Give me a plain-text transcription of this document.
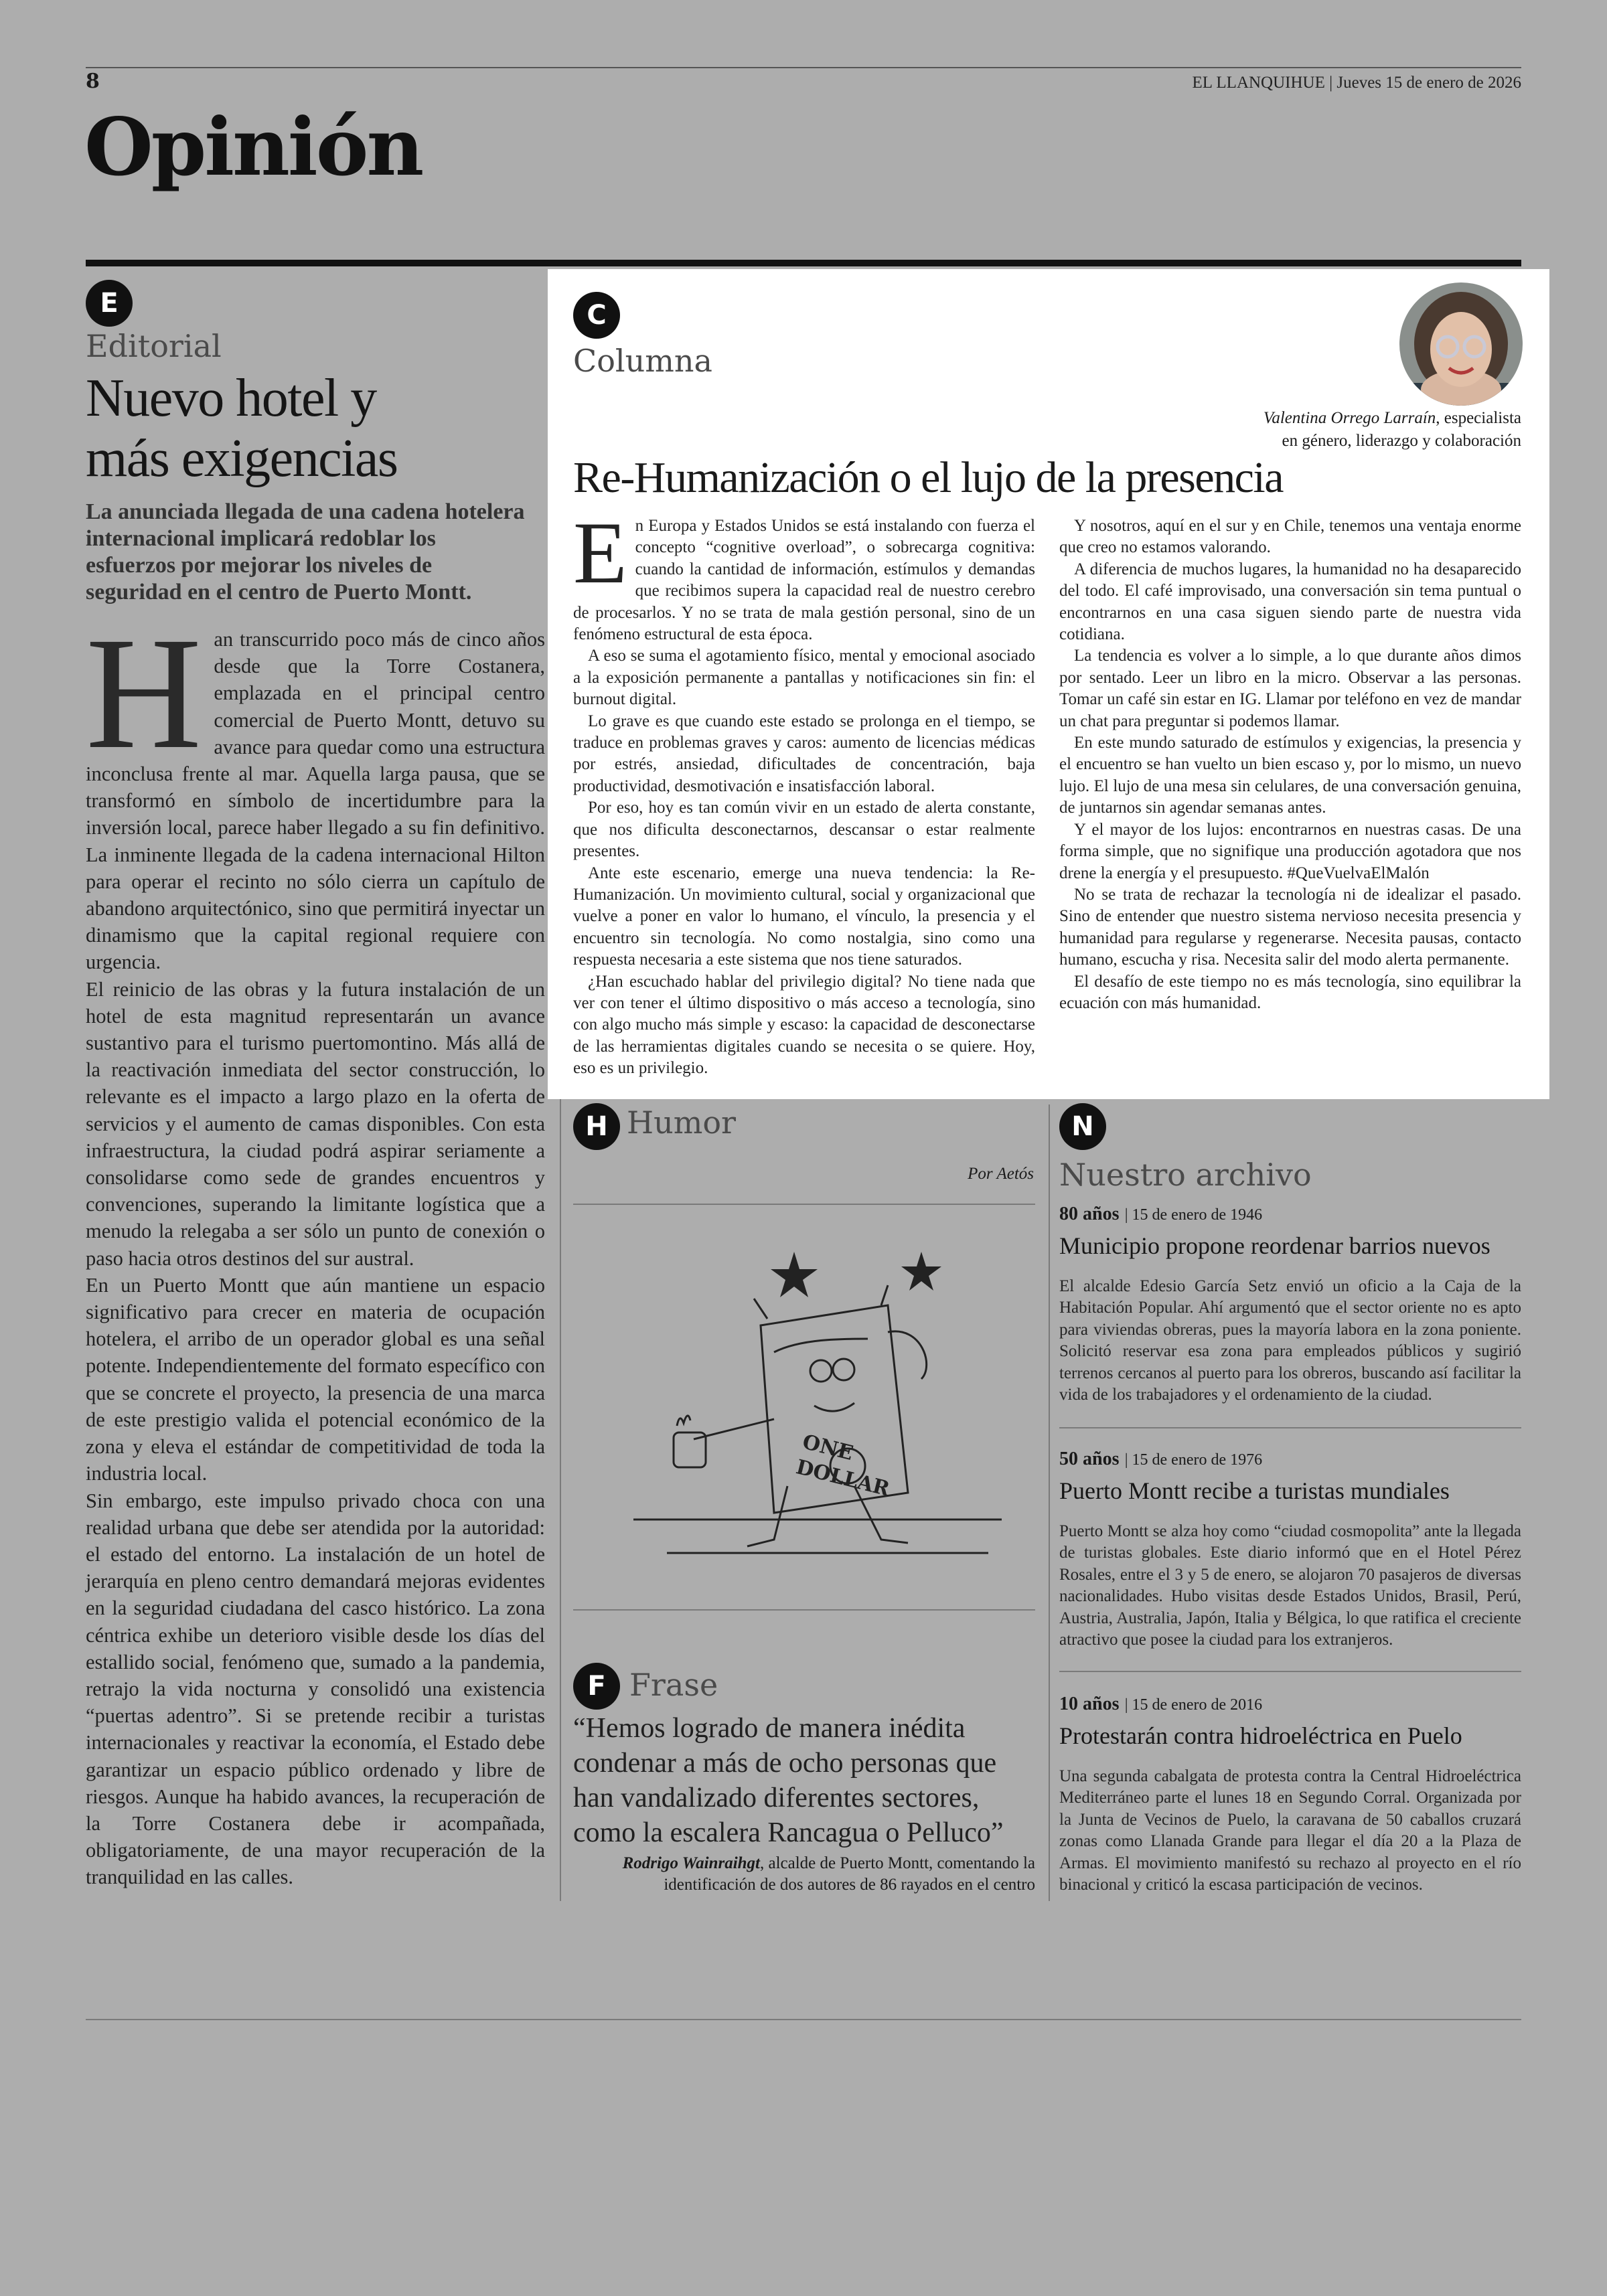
8	EL LLANQUIHUE | Jueves 15 de enero de 2026
Opinión
E
Editorial
Nuevo hotel y
más exigencias
La anunciada llegada de una cadena hotelera internacional implicará redoblar los esfuerzos por mejorar los niveles de seguridad en el centro de Puerto Montt.
H an transcurrido poco más de cinco años desde que la Torre Costanera, emplazada en el principal centro comercial de Puerto Montt, detuvo su avance para quedar como una estructura inconclusa frente al mar. Aquella larga pausa, que se transformó en símbolo de incertidumbre para la inversión local, parece haber llegado a su fin definitivo. La inminente llegada de la cadena internacional Hilton para operar el recinto no sólo cierra un capítulo de abandono arquitectónico, sino que permitirá inyectar un dinamismo que la capital regional requiere con urgencia.

El reinicio de las obras y la futura instalación de un hotel de esta magnitud representarán un avance sustantivo para el turismo puertomontino. Más allá de la reactivación inmediata del sector construcción, lo relevante es el impacto a largo plazo en la oferta de servicios y el aumento de camas disponibles. Con esta infraestructura, la ciudad podrá aspirar seriamente a consolidarse como sede de grandes encuentros y convenciones, superando la limitante logística que a menudo la relegaba a ser sólo un punto de conexión o paso hacia otros destinos del sur austral.

En un Puerto Montt que aún mantiene un espacio significativo para crecer en materia de ocupación hotelera, el arribo de un operador global es una señal potente. Independientemente del formato específico con que se concrete el proyecto, la presencia de una marca de este prestigio valida el potencial económico de la zona y eleva el estándar de competitividad de toda la industria local.

Sin embargo, este impulso privado choca con una realidad urbana que debe ser atendida por la autoridad: el estado del entorno. La instalación de un hotel de jerarquía en pleno centro demandará mejoras evidentes en la seguridad ciudadana del casco histórico. La zona céntrica exhibe un deterioro visible desde los días del estallido social, fenómeno que, sumado a la pandemia, retrajo la vida nocturna y consolidó una existencia “puertas adentro”. Si se pretende recibir a turistas internacionales y reactivar la economía, el Estado debe garantizar un espacio público ordenado y libre de riesgos. Aunque ha habido avances, la recuperación de la Torre Costanera debe ir acompañada, obligatoriamente, de una mayor recuperación de la tranquilidad en las calles.

C
Columna
Valentina Orrego Larraín, especialista
en género, liderazgo y colaboración
Re-Humanización o el lujo de la presencia
E n Europa y Estados Unidos se está instalando con fuerza el concepto “cognitive overload”, o sobrecarga cognitiva: cuando la cantidad de información, estímulos y demandas que recibimos supera la capacidad real de nuestro cerebro de procesarlos. Y no se trata de mala gestión personal, sino de un fenómeno estructural de esta época.

A eso se suma el agotamiento físico, mental y emocional asociado a la exposición permanente a pantallas y notificaciones sin fin: el burnout digital.

Lo grave es que cuando este estado se prolonga en el tiempo, se traduce en problemas graves y caros: aumento de licencias médicas por estrés, ansiedad, dificultades de concentración, baja productividad, desmotivación e insatisfacción laboral.

Por eso, hoy es tan común vivir en un estado de alerta constante, que nos dificulta desconectarnos, descansar o estar realmente presentes.

Ante este escenario, emerge una nueva tendencia: la Re-Humanización. Un movimiento cultural, social y organizacional que vuelve a poner en valor lo humano, el vínculo, la presencia y el encuentro sin tecnología. No como nostalgia, sino como una respuesta necesaria a este sistema que nos tiene saturados.

¿Han escuchado hablar del privilegio digital? No tiene nada que ver con tener el último dispositivo o más acceso a tecnología, sino con algo mucho más simple y escaso: la capacidad de desconectarse de las herramientas digitales cuando se necesita o se quiere. Hoy, eso es un privilegio.

Y nosotros, aquí en el sur y en Chile, tenemos una ventaja enorme que creo no estamos valorando.

A diferencia de muchos lugares, la humanidad no ha desaparecido del todo. El café improvisado, una conversación sin tema puntual o encontrarnos en una casa siguen siendo parte de nuestra vida cotidiana.

La tendencia es volver a lo simple, a lo que durante años dimos por sentado. Leer un libro en la micro. Observar a las personas. Tomar un café sin estar en IG. Llamar por teléfono en vez de mandar un chat para preguntar si podemos llamar.

En este mundo saturado de estímulos y exigencias, la presencia y el encuentro se han vuelto un bien escaso y, por lo mismo, un nuevo lujo. El lujo de una mesa sin celulares, de una conversación genuina, de juntarnos sin agendar semanas antes.

Y el mayor de los lujos: encontrarnos en nuestras casas. De una forma simple, que no signifique una producción agotadora que nos drene la energía y el presupuesto. #QueVuelvaElMalón

No se trata de rechazar la tecnología ni de idealizar el pasado. Sino de entender que nuestro sistema nervioso necesita presencia y humanidad para regularse y regenerarse. Necesita pausas, contacto humano, escucha y risa. Necesita salir del modo alerta permanente.

El desafío de este tiempo no es más tecnología, sino equilibrar la ecuación con más humanidad.

H Humor
Por Aetós
ONE
DOLLAR
F Frase
“Hemos logrado de manera inédita condenar a más de ocho personas que han vandalizado diferentes sectores, como la escalera Rancagua o Pelluco”
Rodrigo Wainraihgt, alcalde de Puerto Montt, comentando la identificación de dos autores de 86 rayados en el centro
N
Nuestro archivo
80 años | 15 de enero de 1946
Municipio propone reordenar barrios nuevos

El alcalde Edesio García Setz envió un oficio a la Caja de la Habitación Popular. Ahí argumentó que el sector oriente no es apto para viviendas obreras, pues la mayoría labora en la zona poniente. Solicitó reservar esa zona para empleados públicos y sugirió terrenos cercanos al puerto para los obreros, buscando así facilitar la vida de los trabajadores y el ordenamiento de la ciudad.

50 años | 15 de enero de 1976
Puerto Montt recibe a turistas mundiales

Puerto Montt se alza hoy como “ciudad cosmopolita” ante la llegada de turistas globales. Este diario informó que en el Hotel Pérez Rosales, entre el 3 y 5 de enero, se alojaron 70 pasajeros de diversas nacionalidades. Hubo visitas desde Estados Unidos, Brasil, Perú, Austria, Australia, Japón, Italia y Bélgica, lo que ratifica el creciente atractivo que posee la ciudad para los extranjeros.

10 años | 15 de enero de 2016
Protestarán contra hidroeléctrica en Puelo

Una segunda cabalgata de protesta contra la Central Hidroeléctrica Mediterráneo parte el lunes 18 en Segundo Corral. Organizada por la Junta de Vecinos de Puelo, la caravana de 50 caballos cruzará zonas como Llanada Grande para llegar el día 20 a la Plaza de Armas. El movimiento manifestó su rechazo al proyecto en el río binacional y criticó la escasa participación de vecinos.
